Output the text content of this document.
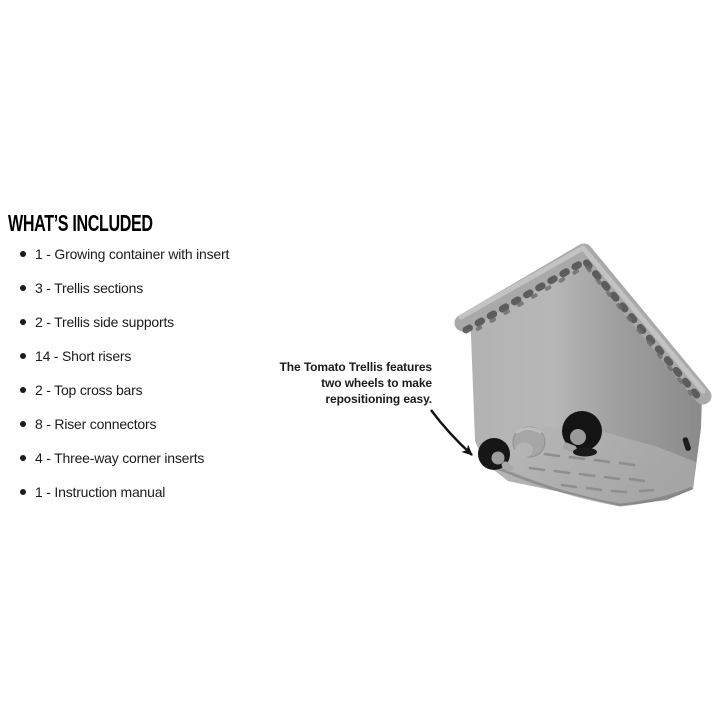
WHAT’S INCLUDED
1 - Growing container with insert
3 - Trellis sections
2 - Trellis side supports
14 - Short risers
2 - Top cross bars
8 - Riser connectors
4 - Three-way corner inserts
1 - Instruction manual
The Tomato Trellis features
two wheels to make
repositioning easy.
